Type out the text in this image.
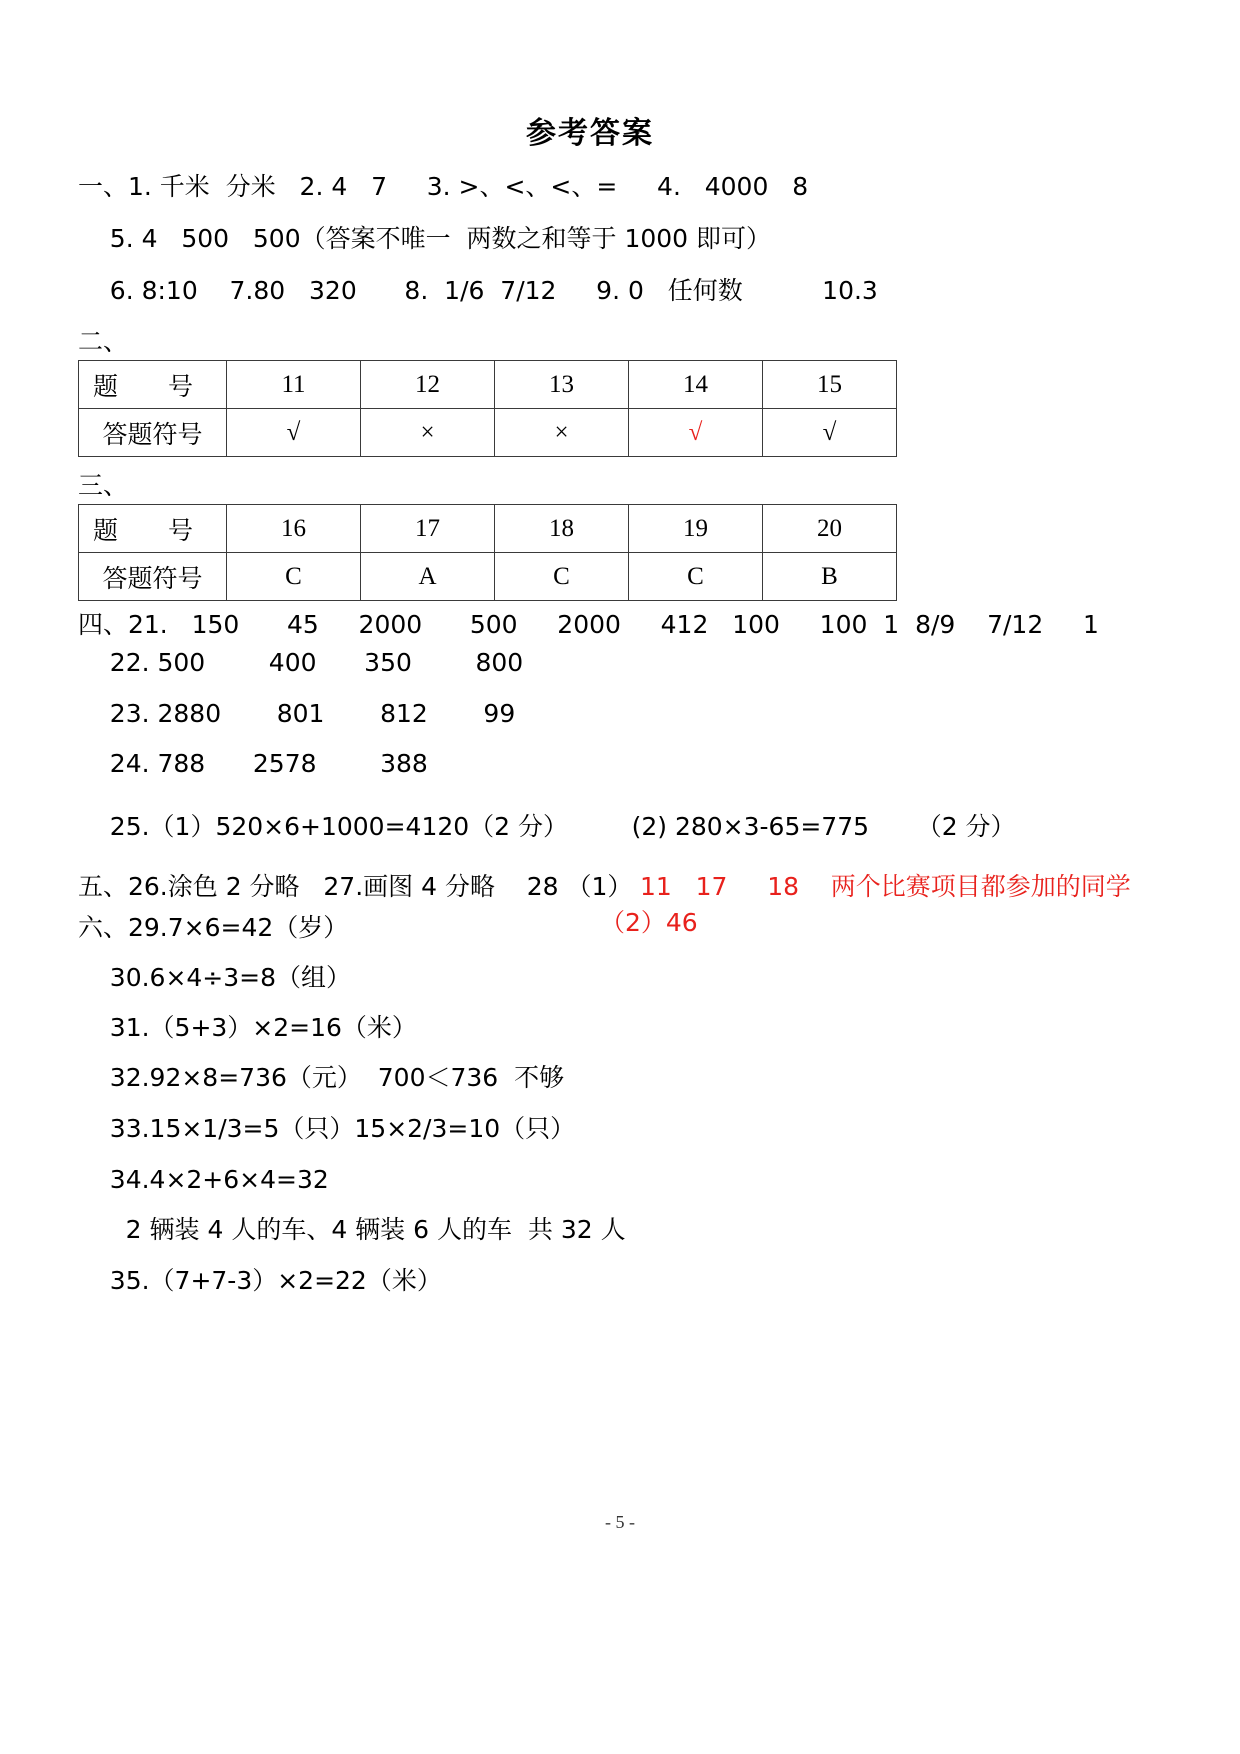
参考答案
一、1. 千米  分米   2. 4   7     3. >、<、<、=     4.   4000   8
5. 4   500   500（答案不唯一  两数之和等于 1000 即可）
6. 8:10    7.80   320      8.  1/6  7/12     9. 0   任何数          10.3
二、
题　　号	11	12	13	14	15
答题符号	√	×	×	√	√
三、
题　　号	16	17	18	19	20
答题符号	C	A	C	C	B
四、21.   150      45     2000      500     2000     412   100     100  1  8/9    7/12     1
22. 500        400      350        800
23. 2880       801       812       99
24. 788      2578        388
25.（1）520×6+1000=4120（2 分）        (2) 280×3-65=775      （2 分）
五、26.涂色 2 分略   27.画图 4 分略    28 （1） 11   17     18    两个比赛项目都参加的同学
（2）46
六、29.7×6=42（岁）
30.6×4÷3=8（组）
31.（5+3）×2=16（米）
32.92×8=736（元）  700＜736  不够
33.15×1/3=5（只）15×2/3=10（只）
34.4×2+6×4=32
2 辆装 4 人的车、4 辆装 6 人的车  共 32 人
35.（7+7-3）×2=22（米）
- 5 -
